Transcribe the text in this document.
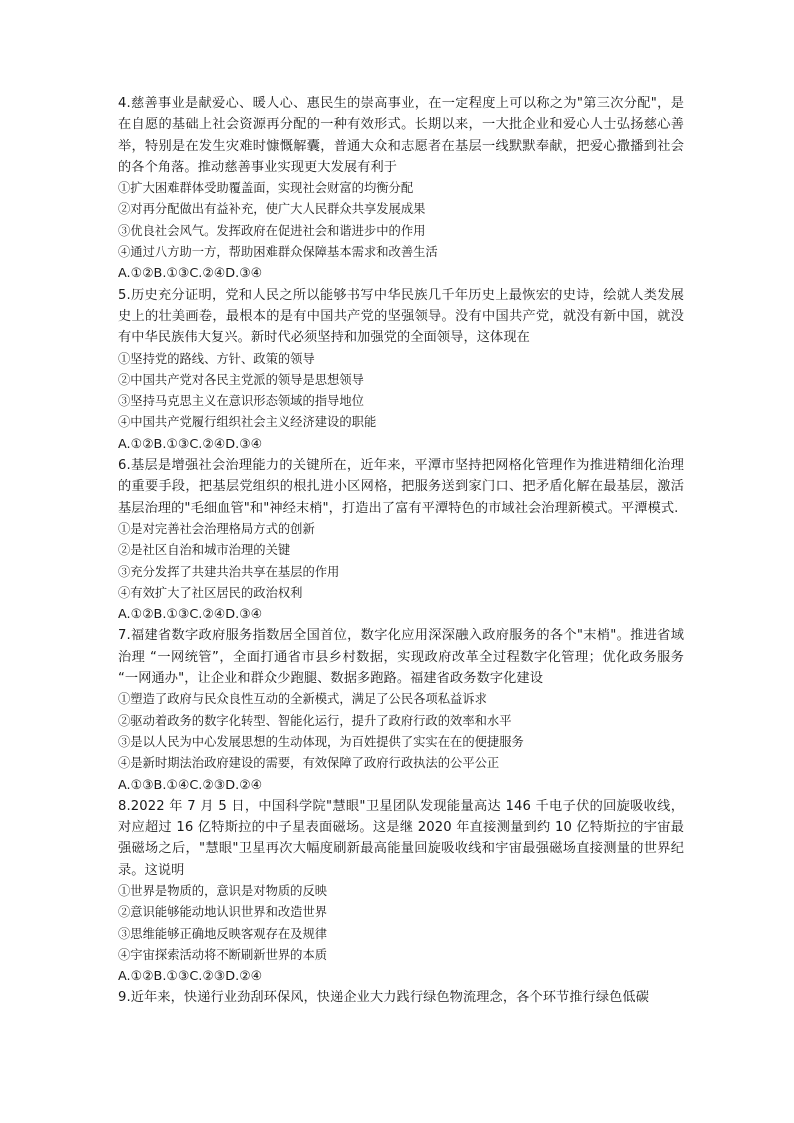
4.慈善事业是献爱心、暖人心、惠民生的崇高事业，在一定程度上可以称之为"第三次分配"，是在自愿的基础上社会资源再分配的一种有效形式。长期以来，一大批企业和爱心人士弘扬慈心善举，特别是在发生灾难时慷慨解囊，普通大众和志愿者在基层一线默默奉献，把爱心撒播到社会的各个角落。推动慈善事业实现更大发展有利于

①扩大困难群体受助覆盖面，实现社会财富的均衡分配

②对再分配做出有益补充，使广大人民群众共享发展成果

③优良社会风气。发挥政府在促进社会和谐进步中的作用

④通过八方助一方，帮助困难群众保障基本需求和改善生活

A.①②B.①③C.②④D.③④

5.历史充分证明，党和人民之所以能够书写中华民族几千年历史上最恢宏的史诗，绘就人类发展史上的壮美画卷，最根本的是有中国共产党的坚强领导。没有中国共产党，就没有新中国，就没有中华民族伟大复兴。新时代必须坚持和加强党的全面领导，这体现在

①坚持党的路线、方针、政策的领导

②中国共产党对各民主党派的领导是思想领导

③坚持马克思主义在意识形态领域的指导地位

④中国共产党履行组织社会主义经济建设的职能

A.①②B.①③C.②④D.③④

6.基层是增强社会治理能力的关键所在，近年来，平潭市坚持把网格化管理作为推进精细化治理的重要手段，把基层党组织的根扎进小区网格，把服务送到家门口、把矛盾化解在最基层，激活基层治理的"毛细血管"和"神经末梢"，打造出了富有平潭特色的市域社会治理新模式。平潭模式.

①是对完善社会治理格局方式的创新

②是社区自治和城市治理的关键

③充分发挥了共建共治共享在基层的作用

④有效扩大了社区居民的政治权利

A.①②B.①③C.②④D.③④

7.福建省数字政府服务指数居全国首位，数字化应用深深融入政府服务的各个"末梢"。推进省域治理 “一网统管”，全面打通省市县乡村数据，实现政府改革全过程数字化管理；优化政务服务 “一网通办"，让企业和群众少跑腿、数据多跑路。福建省政务数字化建设

①塑造了政府与民众良性互动的全新模式，满足了公民各项私益诉求

②驱动着政务的数字化转型、智能化运行，提升了政府行政的效率和水平

③是以人民为中心发展思想的生动体现，为百姓提供了实实在在的便捷服务

④是新时期法治政府建设的需要，有效保障了政府行政执法的公平公正

A.①③B.①④C.②③D.②④

8.2022 年 7 月 5 日，中国科学院"慧眼"卫星团队发现能量高达 146 千电子伏的回旋吸收线，对应超过 16 亿特斯拉的中子星表面磁场。这是继 2020 年直接测量到约 10 亿特斯拉的宇宙最强磁场之后，"慧眼"卫星再次大幅度刷新最高能量回旋吸收线和宇宙最强磁场直接测量的世界纪录。这说明

①世界是物质的，意识是对物质的反映

②意识能够能动地认识世界和改造世界

③思维能够正确地反映客观存在及规律

④宇宙探索活动将不断刷新世界的本质

A.①②B.①③C.②③D.②④

9.近年来，快递行业劲刮环保风，快递企业大力践行绿色物流理念，各个环节推行绿色低碳
